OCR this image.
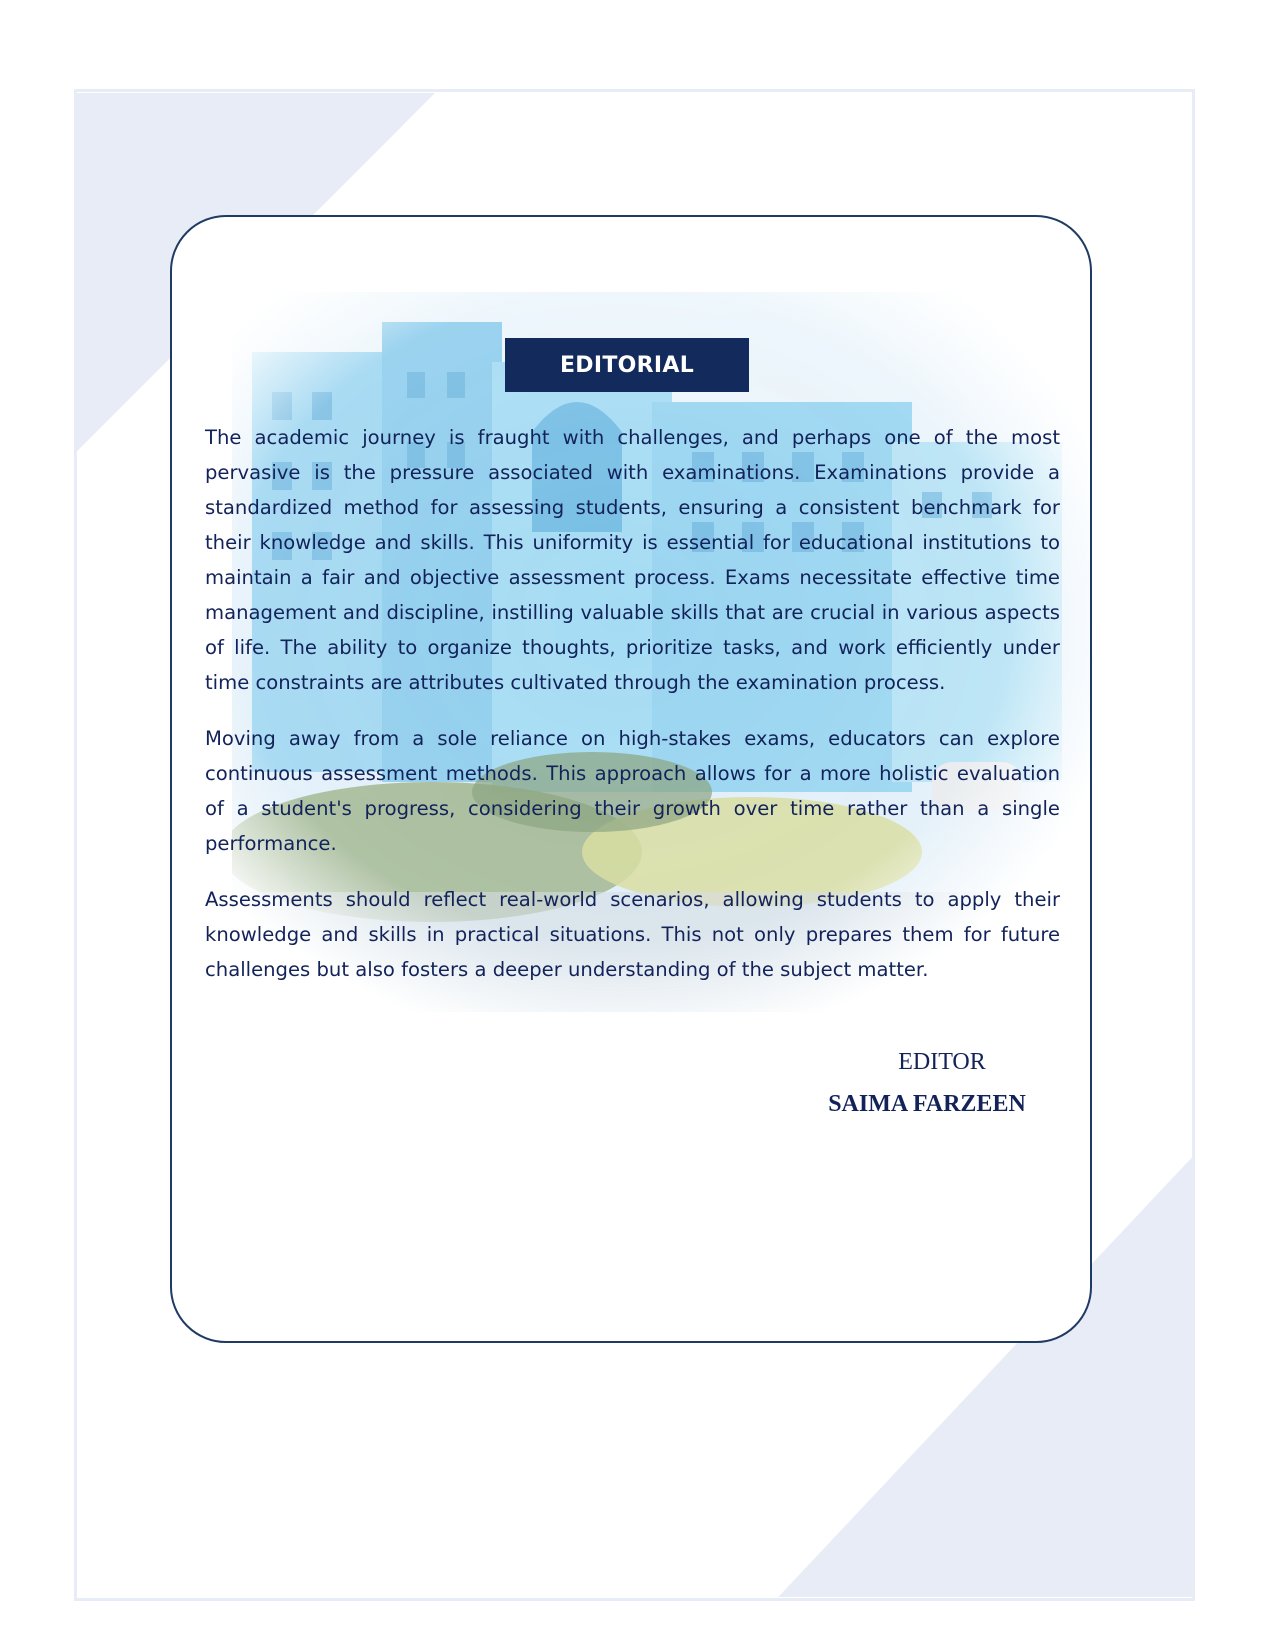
EDITORIAL

The academic journey is fraught with challenges, and perhaps one of the most pervasive is the pressure associated with examinations. Examinations provide a standardized method for assessing students, ensuring a consistent benchmark for their knowledge and skills. This uniformity is essential for educational institutions to maintain a fair and objective assessment process. Exams necessitate effective time management and discipline, instilling valuable skills that are crucial in various aspects of life. The ability to organize thoughts, prioritize tasks, and work efficiently under time constraints are attributes cultivated through the examination process.

Moving away from a sole reliance on high-stakes exams, educators can explore continuous assessment methods. This approach allows for a more holistic evaluation of a student's progress, considering their growth over time rather than a single performance.

Assessments should reflect real-world scenarios, allowing students to apply their knowledge and skills in practical situations. This not only prepares them for future challenges but also fosters a deeper understanding of the subject matter.

EDITOR
SAIMA FARZEEN
